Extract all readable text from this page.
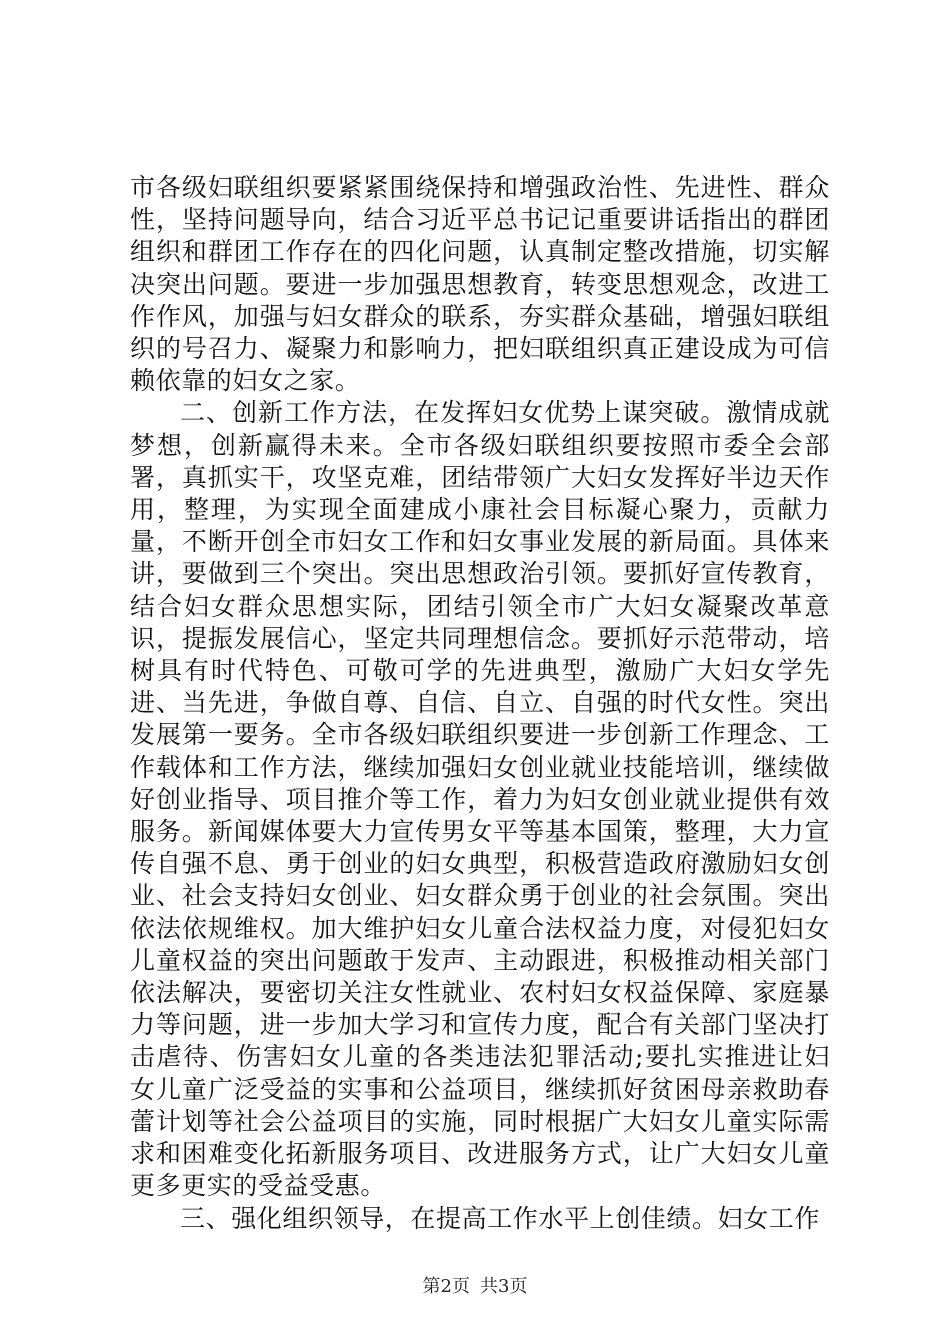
市各级妇联组织要紧紧围绕保持和增强政治性、先进性、群众性，坚持问题导向，结合习近平总书记记重要讲话指出的群团组织和群团工作存在的四化问题，认真制定整改措施，切实解决突出问题。要进一步加强思想教育，转变思想观念，改进工作作风，加强与妇女群众的联系，夯实群众基础，增强妇联组织的号召力、凝聚力和影响力，把妇联组织真正建设成为可信赖依靠的妇女之家。

二、创新工作方法，在发挥妇女优势上谋突破。激情成就梦想，创新赢得未来。全市各级妇联组织要按照市委全会部署，真抓实干，攻坚克难，团结带领广大妇女发挥好半边天作用，整理，为实现全面建成小康社会目标凝心聚力，贡献力量，不断开创全市妇女工作和妇女事业发展的新局面。具体来讲，要做到三个突出。突出思想政治引领。要抓好宣传教育，结合妇女群众思想实际，团结引领全市广大妇女凝聚改革意识，提振发展信心，坚定共同理想信念。要抓好示范带动，培树具有时代特色、可敬可学的先进典型，激励广大妇女学先进、当先进，争做自尊、自信、自立、自强的时代女性。突出发展第一要务。全市各级妇联组织要进一步创新工作理念、工作载体和工作方法，继续加强妇女创业就业技能培训，继续做好创业指导、项目推介等工作，着力为妇女创业就业提供有效服务。新闻媒体要大力宣传男女平等基本国策，整理，大力宣传自强不息、勇于创业的妇女典型，积极营造政府激励妇女创业、社会支持妇女创业、妇女群众勇于创业的社会氛围。突出依法依规维权。加大维护妇女儿童合法权益力度，对侵犯妇女儿童权益的突出问题敢于发声、主动跟进，积极推动相关部门依法解决，要密切关注女性就业、农村妇女权益保障、家庭暴力等问题，进一步加大学习和宣传力度，配合有关部门坚决打击虐待、伤害妇女儿童的各类违法犯罪活动;要扎实推进让妇女儿童广泛受益的实事和公益项目，继续抓好贫困母亲救助春蕾计划等社会公益项目的实施，同时根据广大妇女儿童实际需求和困难变化拓新服务项目、改进服务方式，让广大妇女儿童更多更实的受益受惠。

三、强化组织领导，在提高工作水平上创佳绩。妇女工作

第2页 共3页
